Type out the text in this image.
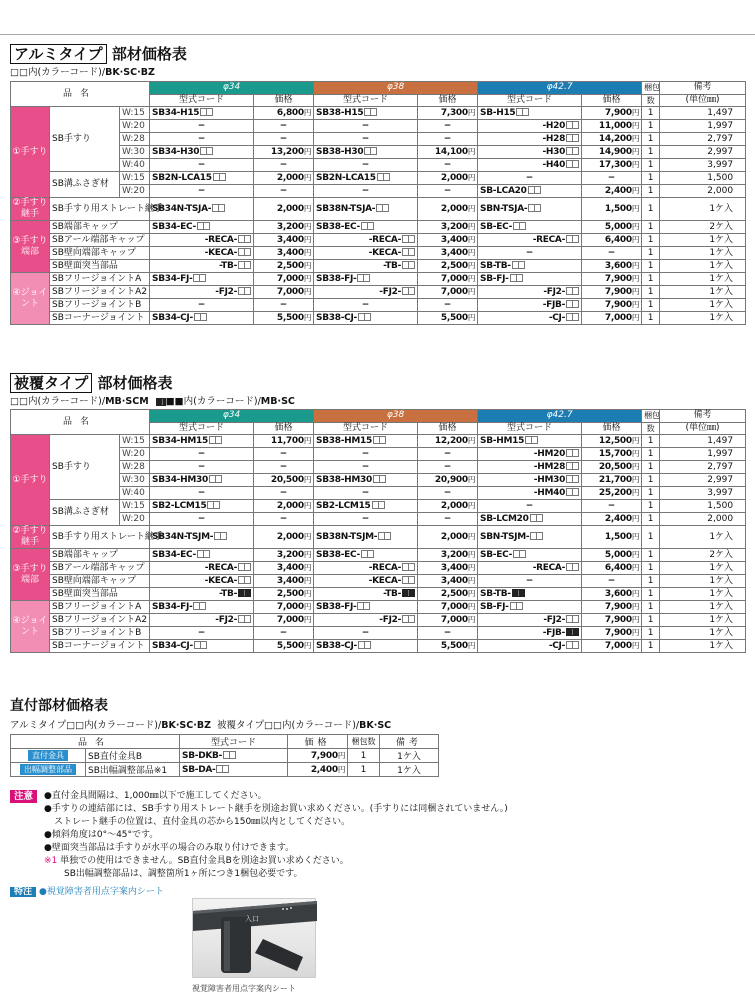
アルミタイプ 部材価格表
□□内(カラーコード)/BK·SC·BZ
品名			φ34		φ38		φ42.7		梱包	備考
			型式コード	価格	型式コード	価格	型式コード	価格	数	(単位㎜)
①手すり	SB手すり	W:15	SB34-H15	6,800円	SB38-H15	7,300円	SB-H15	7,900円	1	1,497
		W:20	−	−	−	−	-H20	11,000円	1	1,997
		W:28	−	−	−	−	-H28	14,200円	1	2,797
		W:30	SB34-H30	13,200円	SB38-H30	14,100円	-H30	14,900円	1	2,997
		W:40	−	−	−	−	-H40	17,300円	1	3,997
	SB溝ふさぎ材	W:15	SB2N-LCA15	2,000円	SB2N-LCA15	2,000円	−	−	1	1,500
		W:20	−	−	−	−	SB-LCA20	2,400円	1	2,000
②手すり継手	SB手すり用ストレート継手		SB34N-TSJA-	2,000円	SB38N-TSJA-	2,000円	SBN-TSJA-	1,500円	1	1ケ入
③手すり端部	SB端部キャップ		SB34-EC-	3,200円	SB38-EC-	3,200円	SB-EC-	5,000円	1	2ケ入
	SBアール端部キャップ		-RECA-	3,400円	-RECA-	3,400円	-RECA-	6,400円	1	1ケ入
	SB壁向端部キャップ		-KECA-	3,400円	-KECA-	3,400円	−	−	1	1ケ入
	SB壁面突当部品		-TB-	2,500円	-TB-	2,500円	SB-TB-	3,600円	1	1ケ入
④ジョイント	SBフリージョイントA		SB34-FJ-	7,000円	SB38-FJ-	7,000円	SB-FJ-	7,900円	1	1ケ入
	SBフリージョイントA2		-FJ2-	7,000円	-FJ2-	7,000円	-FJ2-	7,900円	1	1ケ入
	SBフリージョイントB		−	−	−	−	-FJB-	7,900円	1	1ケ入
	SBコーナージョイント		SB34-CJ-	5,500円	SB38-CJ-	5,500円	-CJ-	7,000円	1	1ケ入
被覆タイプ 部材価格表
□□内(カラーコード)/MB·SCM ■■内(カラーコード)/MB·SC
品名			φ34		φ38		φ42.7		梱包	備考
			型式コード	価格	型式コード	価格	型式コード	価格	数	(単位㎜)
①手すり	SB手すり	W:15	SB34-HM15	11,700円	SB38-HM15	12,200円	SB-HM15	12,500円	1	1,497
		W:20	−	−	−	−	-HM20	15,700円	1	1,997
		W:28	−	−	−	−	-HM28	20,500円	1	2,797
		W:30	SB34-HM30	20,500円	SB38-HM30	20,900円	-HM30	21,700円	1	2,997
		W:40	−	−	−	−	-HM40	25,200円	1	3,997
	SB溝ふさぎ材	W:15	SB2-LCM15	2,000円	SB2-LCM15	2,000円	−	−	1	1,500
		W:20	−	−	−	−	SB-LCM20	2,400円	1	2,000
②手すり継手	SB手すり用ストレート継手		SB34N-TSJM-	2,000円	SB38N-TSJM-	2,000円	SBN-TSJM-	1,500円	1	1ケ入
③手すり端部	SB端部キャップ		SB34-EC-	3,200円	SB38-EC-	3,200円	SB-EC-	5,000円	1	2ケ入
	SBアール端部キャップ		-RECA-	3,400円	-RECA-	3,400円	-RECA-	6,400円	1	1ケ入
	SB壁向端部キャップ		-KECA-	3,400円	-KECA-	3,400円	−	−	1	1ケ入
	SB壁面突当部品		-TB-	2,500円	-TB-	2,500円	SB-TB-	3,600円	1	1ケ入
④ジョイント	SBフリージョイントA		SB34-FJ-	7,000円	SB38-FJ-	7,000円	SB-FJ-	7,900円	1	1ケ入
	SBフリージョイントA2		-FJ2-	7,000円	-FJ2-	7,000円	-FJ2-	7,900円	1	1ケ入
	SBフリージョイントB		−	−	−	−	-FJB-	7,900円	1	1ケ入
	SBコーナージョイント		SB34-CJ-	5,500円	SB38-CJ-	5,500円	-CJ-	7,000円	1	1ケ入
直付部材価格表
アルミタイプ□□内(カラーコード)/BK·SC·BZ 被覆タイプ□□内(カラーコード)/BK·SC
品名		型式コード	価格	梱包数	備考
直付金具	SB直付金具B	SB-DKB-	7,900円	1	1ケ入
出幅調整部品	SB出幅調整部品※1	SB-DA-	2,400円	1	1ケ入
注意	●直付金具間隔は、1,000㎜以下で施工してください。
●手すりの連結部には、SB手すり用ストレート継手を別途お買い求めください。(手すりには同梱されていません。)
ストレート継手の位置は、直付金具の芯から150㎜以内としてください。
●傾斜角度は0°～45°です。
●壁面突当部品は手すりが水平の場合のみ取り付けできます。
※1 単独での使用はできません。SB直付金具Bを別途お買い求めください。
SB出幅調整部品は、調整箇所1ヶ所につき1梱包必要です。
特注 ●視覚障害者用点字案内シート
入口
視覚障害者用点字案内シート
